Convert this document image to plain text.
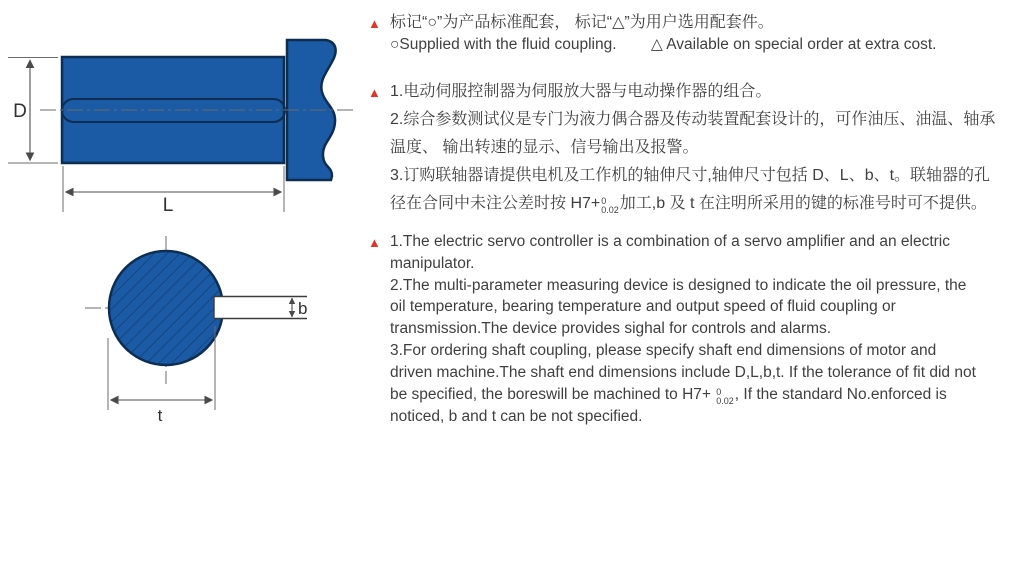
D
L
b
t
▲ 标记“○”为产品标准配套， 标记“△”为用户选用配套件。
○Supplied with the fluid coupling. △ Available on special order at extra cost.
▲ 1.电动伺服控制器为伺服放大器与电动操作器的组合。
2.综合参数测试仪是专门为液力偶合器及传动装置配套设计的，可作油压、油温、轴承
温度、 输出转速的显示、信号输出及报警。
3.订购联轴器请提供电机及工作机的轴伸尺寸,轴伸尺寸包括 D、L、b、t。联轴器的孔
径在合同中未注公差时按 H7+ 0
0.02 加工,b 及 t 在注明所采用的键的标准号时可不提供。
▲ 1.The electric servo controller is a combination of a servo amplifier and an electric
manipulator.
2.The multi-parameter measuring device is designed to indicate the oil pressure, the
oil temperature, bearing temperature and output speed of fluid coupling or
transmission.The device provides sighal for controls and alarms.
3.For ordering shaft coupling, please specify shaft end dimensions of motor and
driven machine.The shaft end dimensions include D,L,b,t. If the tolerance of fit did not
be specified, the boreswill be machined to H7+ 0
0.02 , If the standard No.enforced is
noticed, b and t can be not specified.
